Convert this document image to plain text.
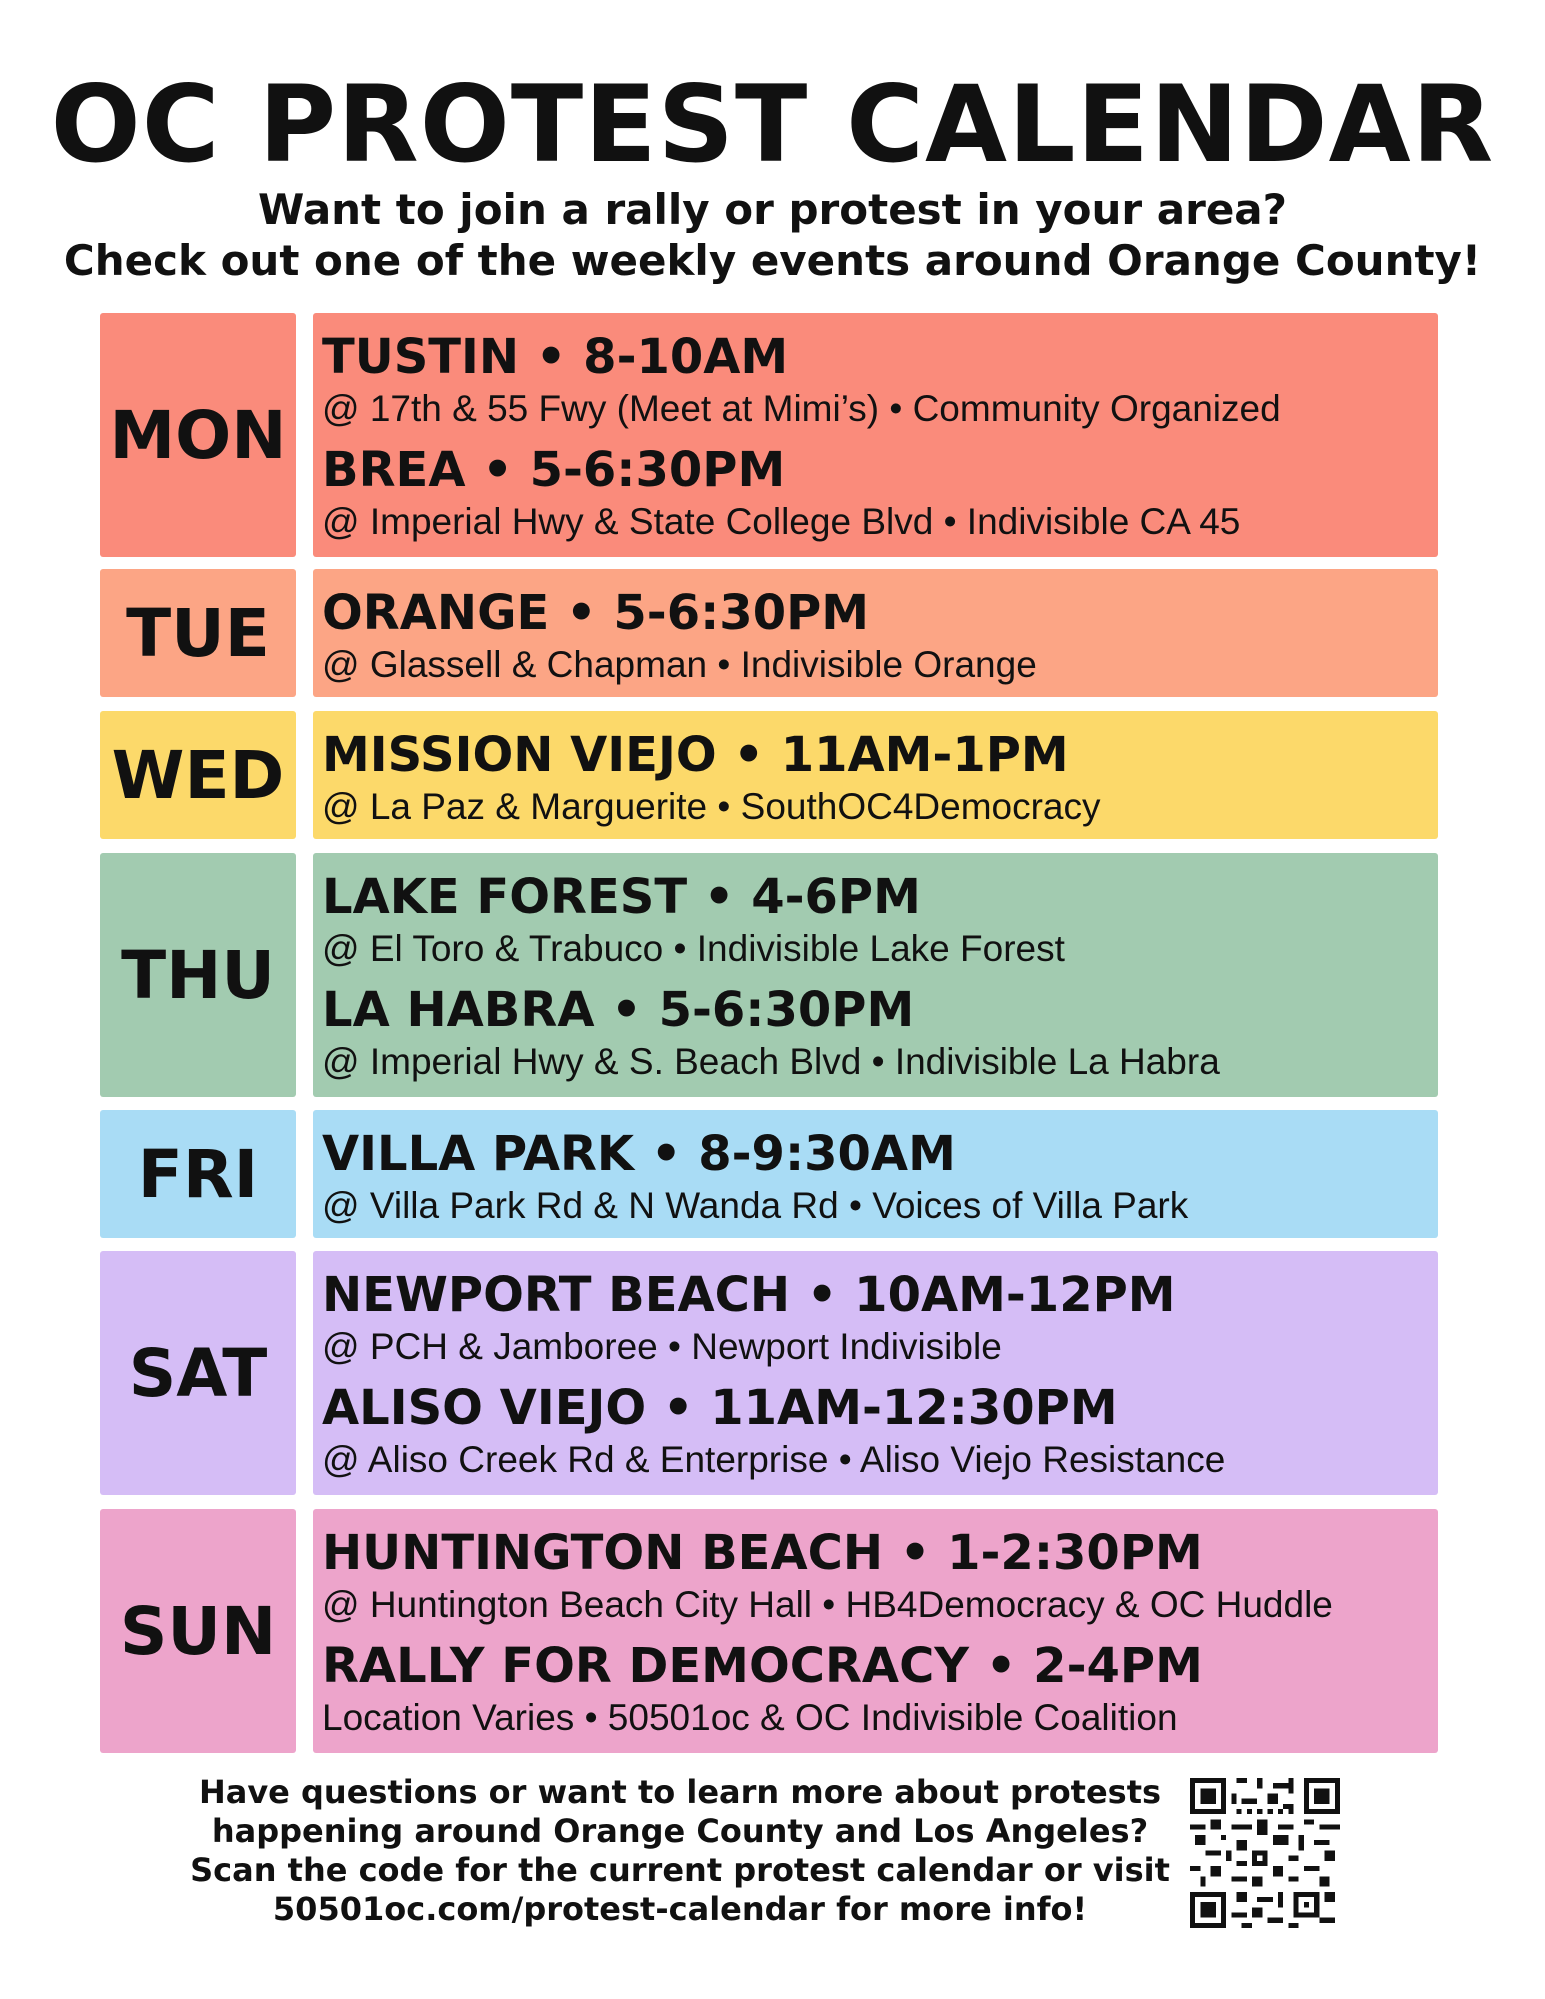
OC PROTEST CALENDAR

Want to join a rally or protest in your area?

Check out one of the weekly events around Orange County!

MON
TUSTIN • 8-10AM
@ 17th & 55 Fwy (Meet at Mimi’s) • Community Organized
BREA • 5-6:30PM
@ Imperial Hwy & State College Blvd • Indivisible CA 45
TUE	ORANGE • 5-6:30PM
@ Glassell & Chapman • Indivisible Orange
WED MISSION VIEJO • 11AM-1PM
@ La Paz & Marguerite • SouthOC4Democracy
THU
LAKE FOREST • 4-6PM
@ El Toro & Trabuco • Indivisible Lake Forest
LA HABRA • 5-6:30PM
@ Imperial Hwy & S. Beach Blvd • Indivisible La Habra
FRI	VILLA PARK • 8-9:30AM
@ Villa Park Rd & N Wanda Rd • Voices of Villa Park
SAT
NEWPORT BEACH • 10AM-12PM
@ PCH & Jamboree • Newport Indivisible
ALISO VIEJO • 11AM-12:30PM
@ Aliso Creek Rd & Enterprise • Aliso Viejo Resistance
SUN
HUNTINGTON BEACH • 1-2:30PM
@ Huntington Beach City Hall • HB4Democracy & OC Huddle
RALLY FOR DEMOCRACY • 2-4PM
Location Varies • 50501oc & OC Indivisible Coalition
Have questions or want to learn more about protests
happening around Orange County and Los Angeles?
Scan the code for the current protest calendar or visit
50501oc.com/protest-calendar for more info!
